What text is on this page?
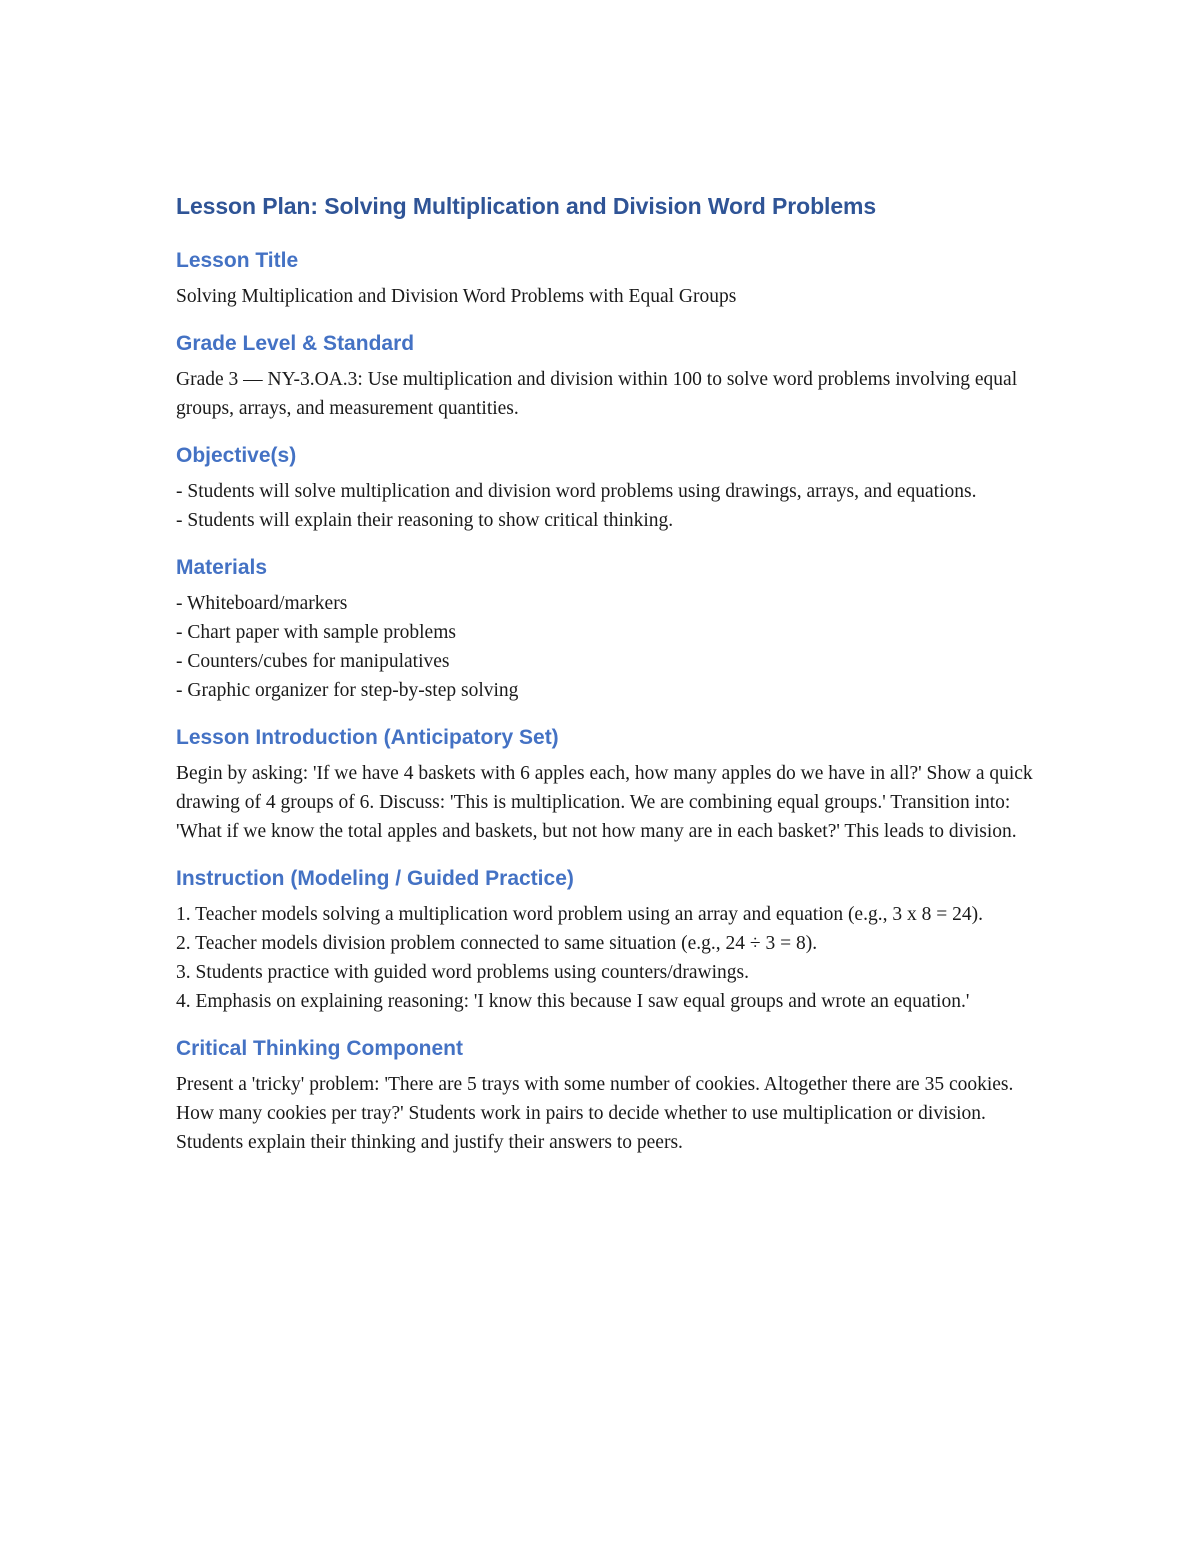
Lesson Plan: Solving Multiplication and Division Word Problems
Lesson Title

Solving Multiplication and Division Word Problems with Equal Groups

Grade Level & Standard

Grade 3 — NY-3.OA.3: Use multiplication and division within 100 to solve word problems involving equal groups, arrays, and measurement quantities.

Objective(s)

- Students will solve multiplication and division word problems using drawings, arrays, and equations.
- Students will explain their reasoning to show critical thinking.

Materials

- Whiteboard/markers
- Chart paper with sample problems
- Counters/cubes for manipulatives
- Graphic organizer for step-by-step solving

Lesson Introduction (Anticipatory Set)

Begin by asking: 'If we have 4 baskets with 6 apples each, how many apples do we have in all?' Show a quick drawing of 4 groups of 6. Discuss: 'This is multiplication. We are combining equal groups.' Transition into: 'What if we know the total apples and baskets, but not how many are in each basket?' This leads to division.

Instruction (Modeling / Guided Practice)

1. Teacher models solving a multiplication word problem using an array and equation (e.g., 3 x 8 = 24).
2. Teacher models division problem connected to same situation (e.g., 24 ÷ 3 = 8).
3. Students practice with guided word problems using counters/drawings.
4. Emphasis on explaining reasoning: 'I know this because I saw equal groups and wrote an equation.'

Critical Thinking Component

Present a 'tricky' problem: 'There are 5 trays with some number of cookies. Altogether there are 35 cookies. How many cookies per tray?' Students work in pairs to decide whether to use multiplication or division. Students explain their thinking and justify their answers to peers.
